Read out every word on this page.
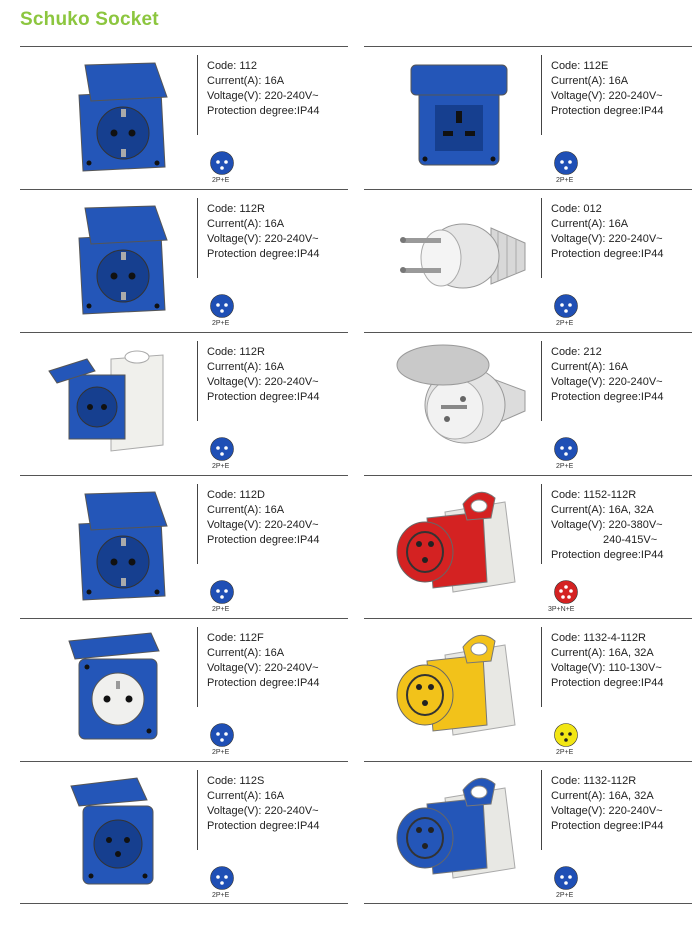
Schuko Socket
Code: 112
Current(A): 16A
Voltage(V): 220-240V~
Protection degree:IP44
2P+E
Code: 112R
Current(A): 16A
Voltage(V): 220-240V~
Protection degree:IP44
2P+E
Code: 112R
Current(A): 16A
Voltage(V): 220-240V~
Protection degree:IP44
2P+E
Code: 112D
Current(A): 16A
Voltage(V): 220-240V~
Protection degree:IP44
2P+E
Code: 112F
Current(A): 16A
Voltage(V): 220-240V~
Protection degree:IP44
2P+E
Code: 112S
Current(A): 16A
Voltage(V): 220-240V~
Protection degree:IP44
2P+E
Code: 112E
Current(A): 16A
Voltage(V): 220-240V~
Protection degree:IP44
2P+E
Code: 012
Current(A): 16A
Voltage(V): 220-240V~
Protection degree:IP44
2P+E
Code: 212
Current(A): 16A
Voltage(V): 220-240V~
Protection degree:IP44
2P+E
Code: 1152-112R
Current(A): 16A, 32A
Voltage(V): 220-380V~
240-415V~
Protection degree:IP44
3P+N+E
Code: 1132-4-112R
Current(A): 16A, 32A
Voltage(V): 110-130V~
Protection degree:IP44
2P+E
Code: 1132-112R
Current(A): 16A, 32A
Voltage(V): 220-240V~
Protection degree:IP44
2P+E
